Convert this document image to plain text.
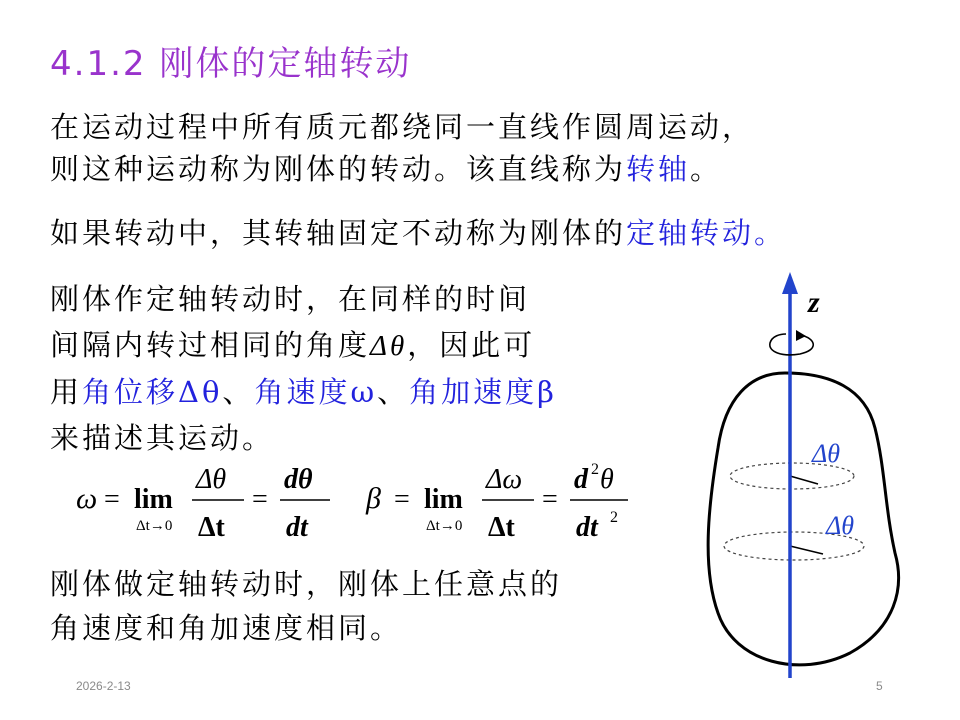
4.1.2 刚体的定轴转动
在运动过程中所有质元都绕同一直线作圆周运动，
则这种运动称为刚体的转动。该直线称为转轴。
如果转动中，其转轴固定不动称为刚体的定轴转动。
刚体作定轴转动时，在同样的时间
间隔内转过相同的角度Δθ，因此可
用角位移Δθ、角速度ω、角加速度β
来描述其运动。
ω = lim
Δt→0
Δθ
Δt
=
dθ
dt
β = lim
Δt→0
Δω
Δt
=
d 2 θ
dt 2
刚体做定轴转动时，刚体上任意点的
角速度和角加速度相同。
z
Δθ
Δθ
2026-2-13	5
